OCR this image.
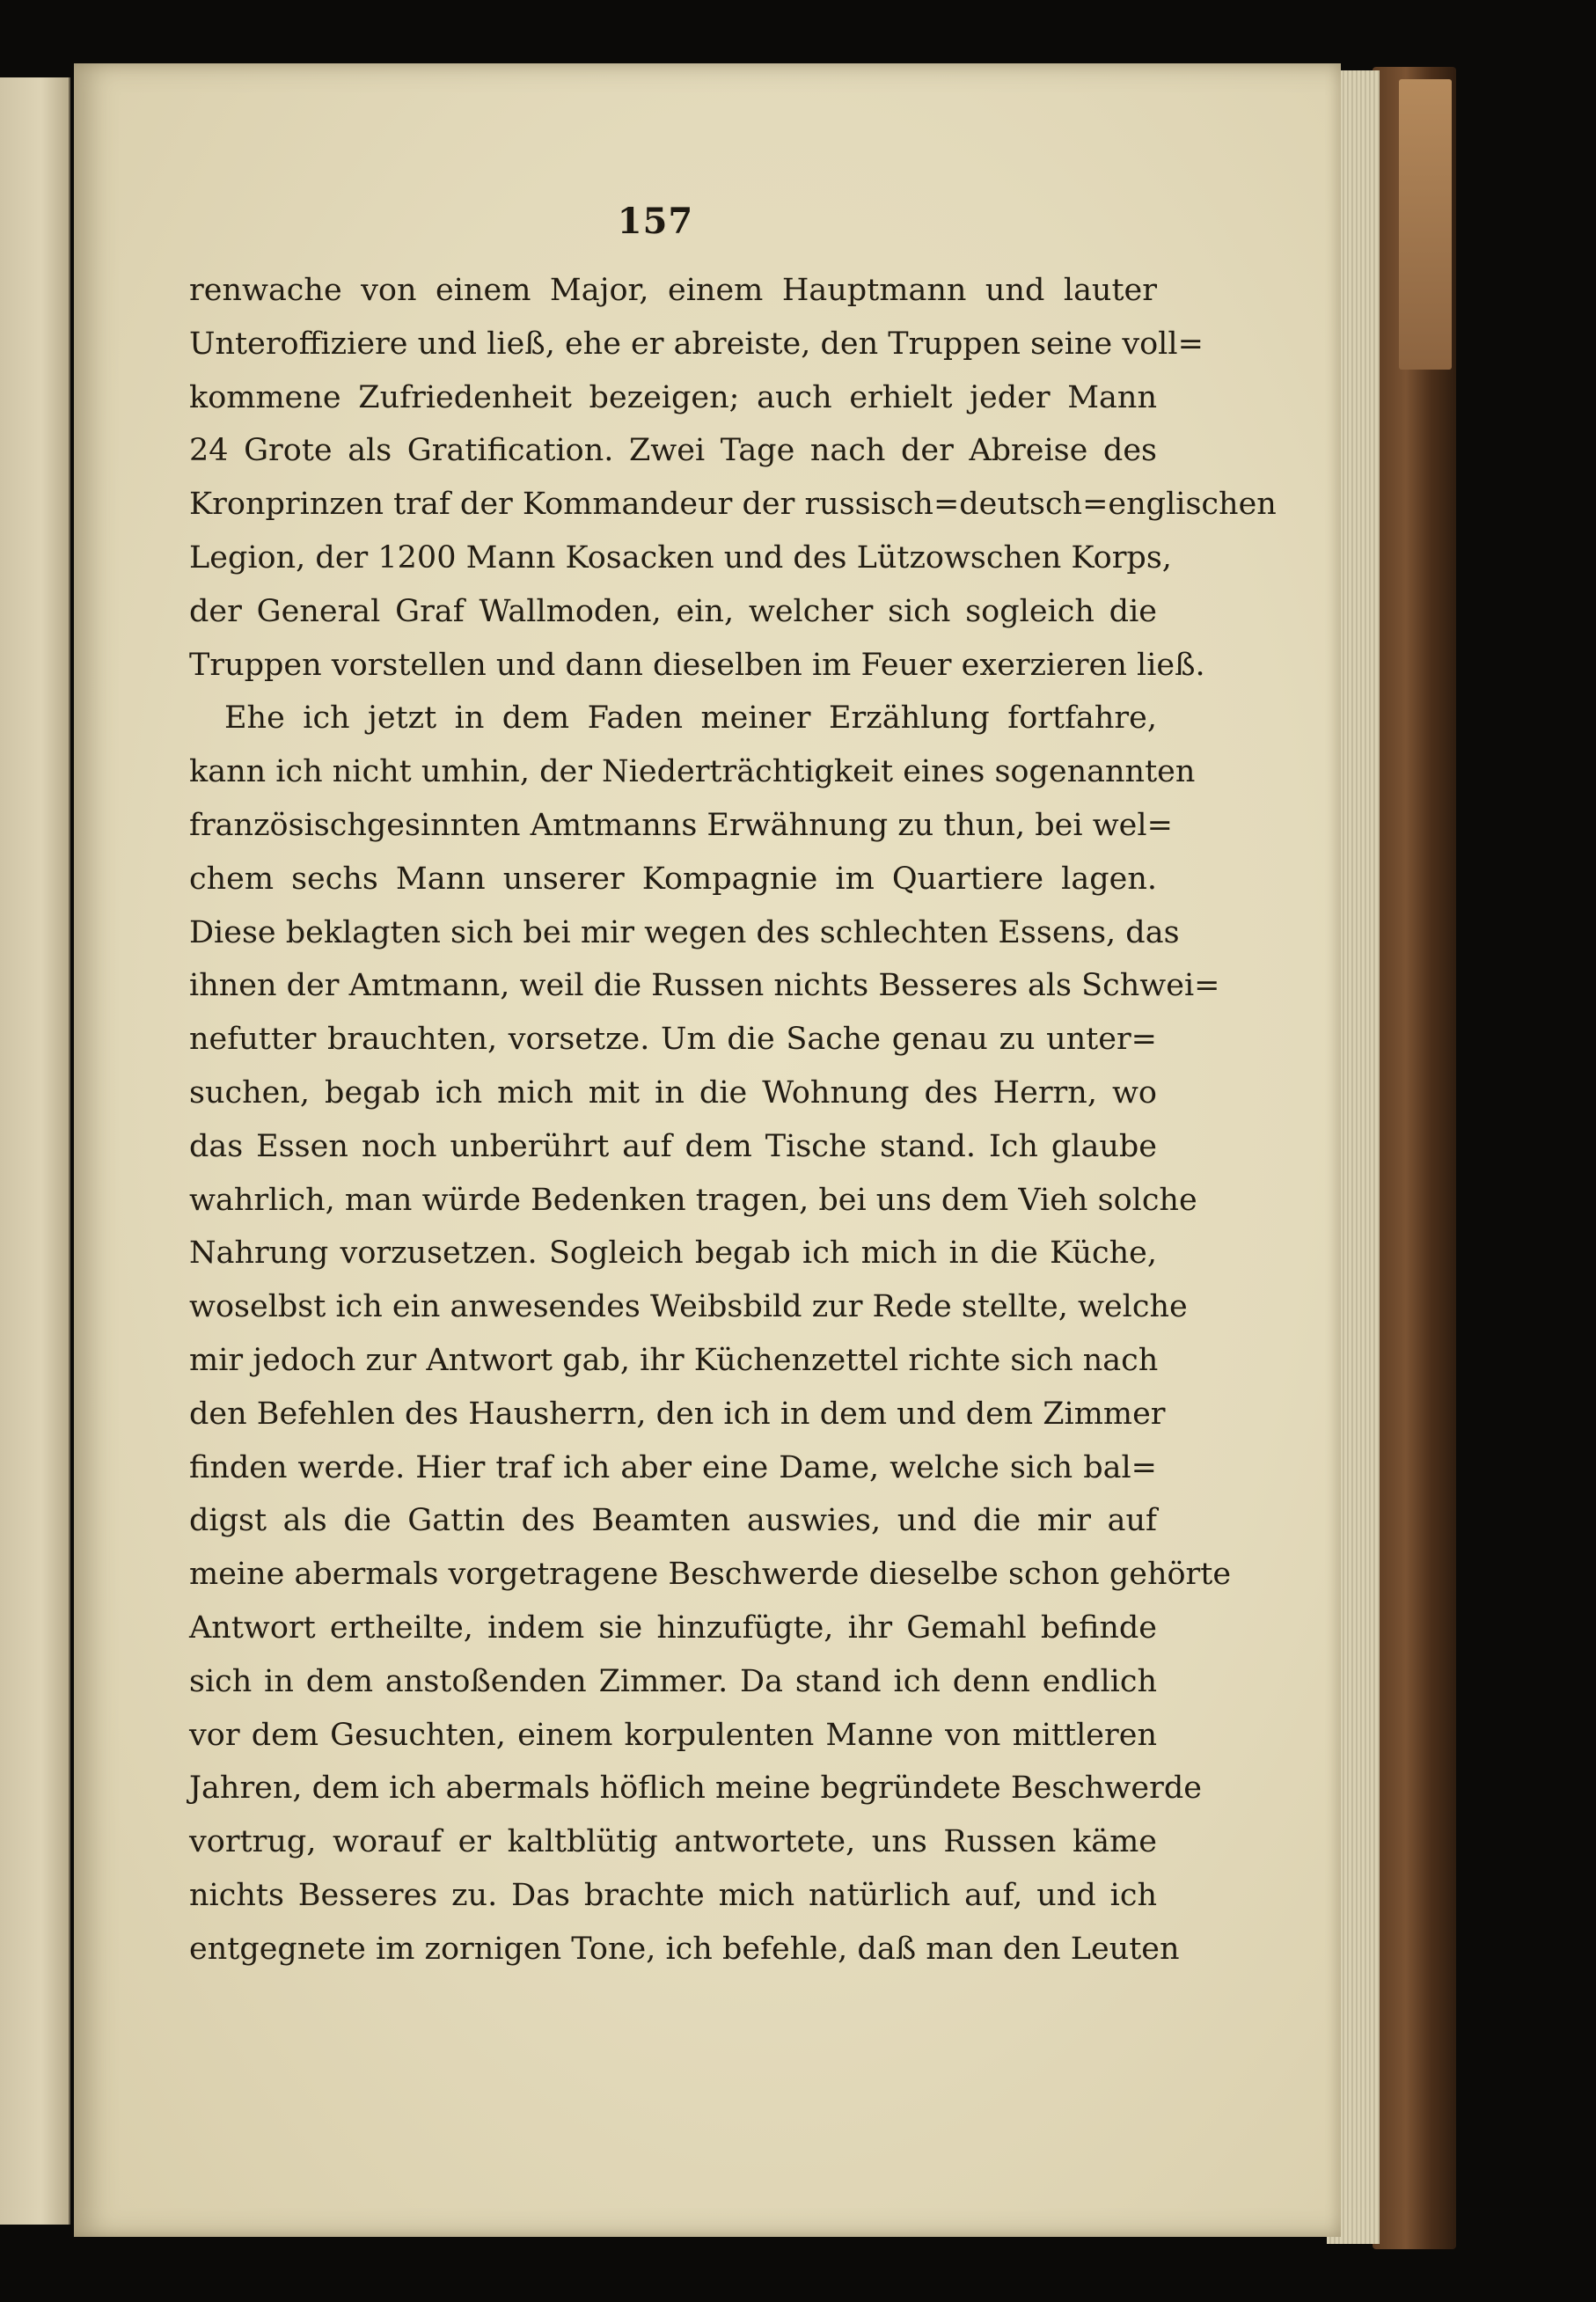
157
renwache von einem Major, einem Hauptmann und lauter
Unteroffiziere und ließ, ehe er abreiste, den Truppen seine voll=
kommene Zufriedenheit bezeigen; auch erhielt jeder Mann
24 Grote als Gratification. Zwei Tage nach der Abreise des
Kronprinzen traf der Kommandeur der russisch=deutsch=englischen
Legion, der 1200 Mann Kosacken und des Lützowschen Korps,
der General Graf Wallmoden, ein, welcher sich sogleich die
Truppen vorstellen und dann dieselben im Feuer exerzieren ließ.
Ehe ich jetzt in dem Faden meiner Erzählung fortfahre,
kann ich nicht umhin, der Niederträchtigkeit eines sogenannten
französischgesinnten Amtmanns Erwähnung zu thun, bei wel=
chem sechs Mann unserer Kompagnie im Quartiere lagen.
Diese beklagten sich bei mir wegen des schlechten Essens, das
ihnen der Amtmann, weil die Russen nichts Besseres als Schwei=
nefutter brauchten, vorsetze. Um die Sache genau zu unter=
suchen, begab ich mich mit in die Wohnung des Herrn, wo
das Essen noch unberührt auf dem Tische stand. Ich glaube
wahrlich, man würde Bedenken tragen, bei uns dem Vieh solche
Nahrung vorzusetzen. Sogleich begab ich mich in die Küche,
woselbst ich ein anwesendes Weibsbild zur Rede stellte, welche
mir jedoch zur Antwort gab, ihr Küchenzettel richte sich nach
den Befehlen des Hausherrn, den ich in dem und dem Zimmer
finden werde. Hier traf ich aber eine Dame, welche sich bal=
digst als die Gattin des Beamten auswies, und die mir auf
meine abermals vorgetragene Beschwerde dieselbe schon gehörte
Antwort ertheilte, indem sie hinzufügte, ihr Gemahl befinde
sich in dem anstoßenden Zimmer. Da stand ich denn endlich
vor dem Gesuchten, einem korpulenten Manne von mittleren
Jahren, dem ich abermals höflich meine begründete Beschwerde
vortrug, worauf er kaltblütig antwortete, uns Russen käme
nichts Besseres zu. Das brachte mich natürlich auf, und ich
entgegnete im zornigen Tone, ich befehle, daß man den Leuten
